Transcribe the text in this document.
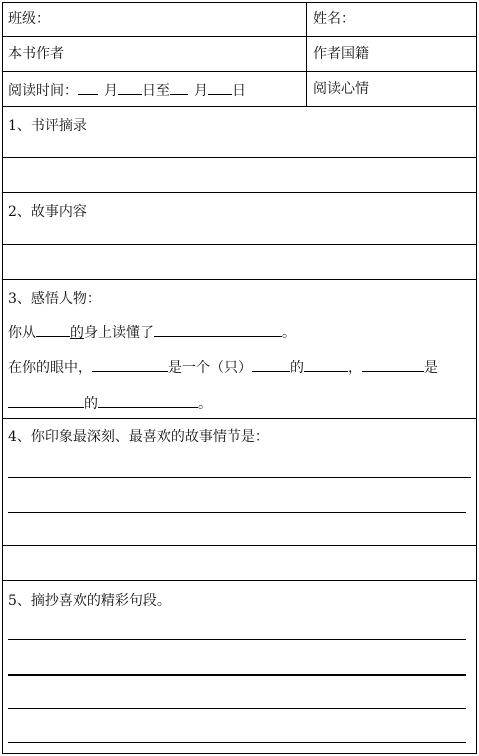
班级：	姓名：
本书作者	作者国籍
阅读时间： 月 日至 月 日	阅读心情
1、书评摘录
2、故事内容
3、感悟人物：
你从 的身上读懂了	。
在你的眼中，	是一个（只）	的	，	是
的	。
4、你印象最深刻、最喜欢的故事情节是：
5、摘抄喜欢的精彩句段。
